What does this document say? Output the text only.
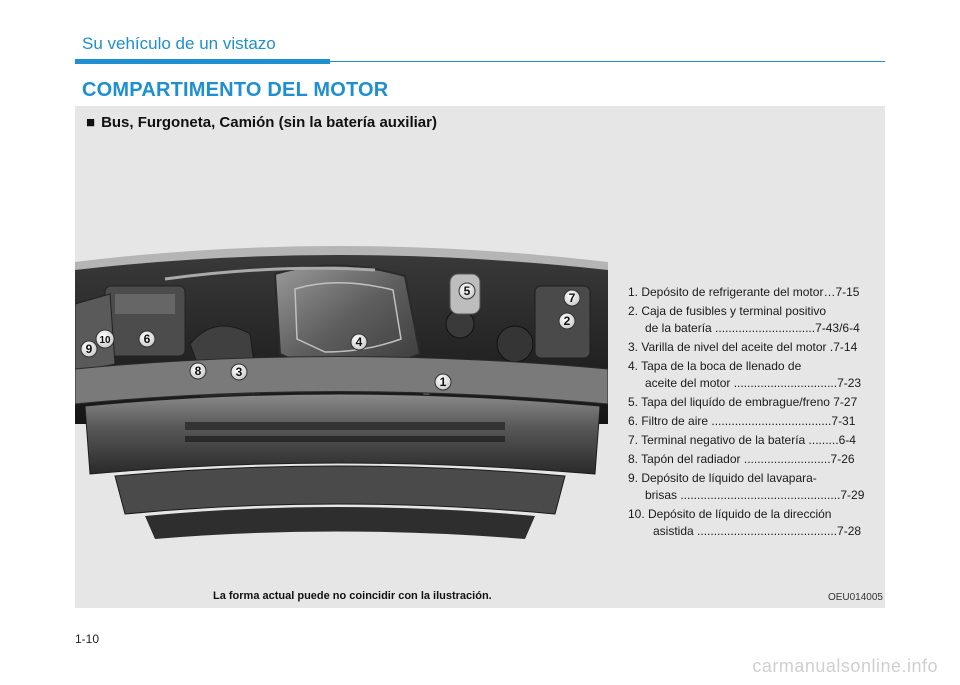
Su vehículo de un vistazo
COMPARTIMENTO DEL MOTOR
■ Bus, Furgoneta, Camión (sin la batería auxiliar)
1
2
3
4
5
6
7
8
9
10
1. Depósito de refrigerante del motor…7-15
2. Caja de fusibles y terminal positivo
de la batería ..............................7-43/6-4
3. Varilla de nivel del aceite del motor .7-14
4. Tapa de la boca de llenado de
aceite del motor ...............................7-23
5. Tapa del liquído de embrague/freno 7-27
6. Filtro de aire ....................................7-31
7. Terminal negativo de la batería .........6-4
8. Tapón del radiador ..........................7-26
9. Depósito de líquido del lavapara-
brisas ................................................7-29
10. Depósito de líquido de la dirección
asistida ..........................................7-28
La forma actual puede no coincidir con la ilustración.	OEU014005
1-10
carmanualsonline.info
